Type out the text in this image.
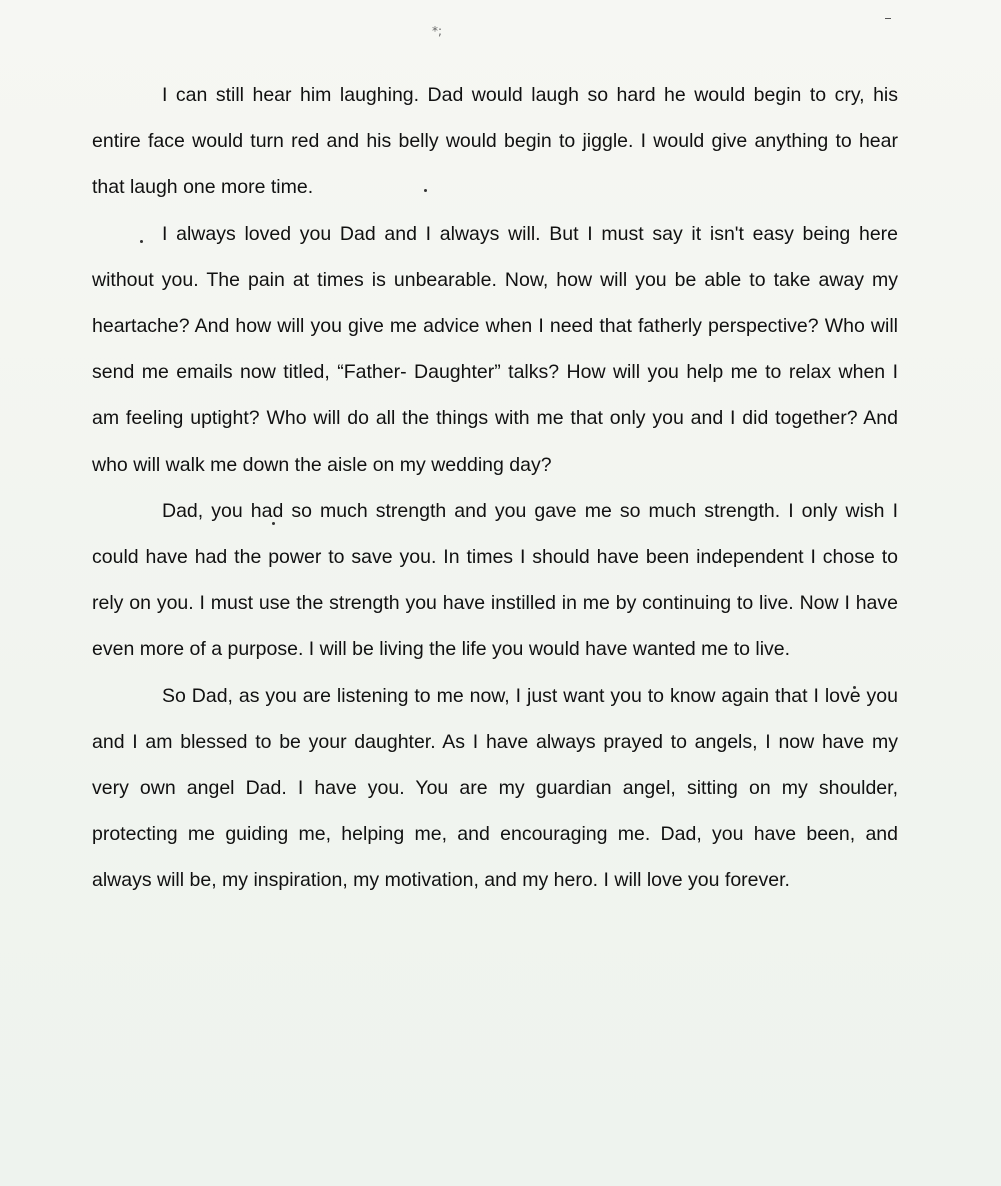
*;

I can still hear him laughing. Dad would laugh so hard he would begin to cry, his entire face would turn red and his belly would begin to jiggle. I would give anything to hear that laugh one more time.

I always loved you Dad and I always will. But I must say it isn't easy being here without you. The pain at times is unbearable. Now, how will you be able to take away my heartache? And how will you give me advice when I need that fatherly perspective? Who will send me emails now titled, “Father- Daughter” talks? How will you help me to relax when I am feeling uptight? Who will do all the things with me that only you and I did together? And who will walk me down the aisle on my wedding day?

Dad, you had so much strength and you gave me so much strength. I only wish I could have had the power to save you. In times I should have been independent I chose to rely on you. I must use the strength you have instilled in me by continuing to live. Now I have even more of a purpose. I will be living the life you would have wanted me to live.

So Dad, as you are listening to me now, I just want you to know again that I love you and I am blessed to be your daughter. As I have always prayed to angels, I now have my very own angel Dad. I have you. You are my guardian angel, sitting on my shoulder, protecting me guiding me, helping me, and encouraging me. Dad, you have been, and always will be, my inspiration, my motivation, and my hero. I will love you forever.
